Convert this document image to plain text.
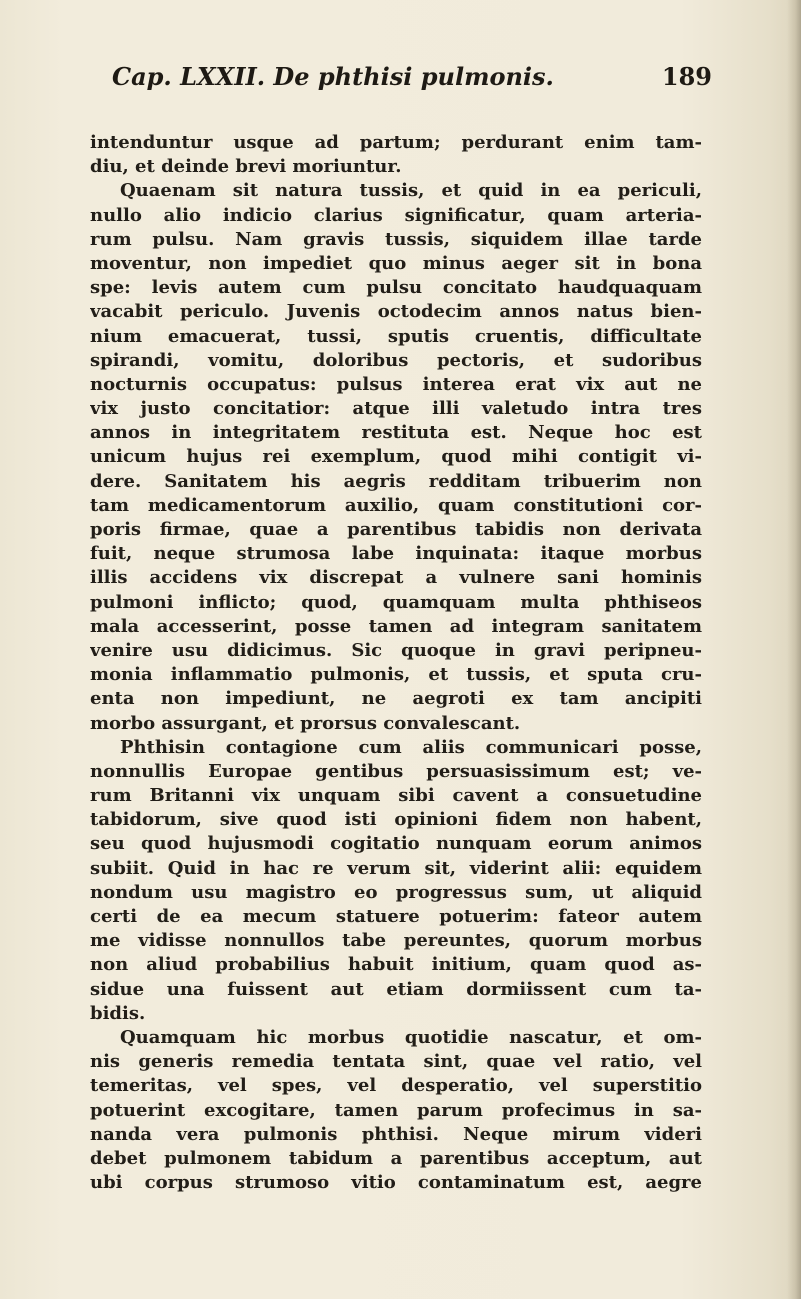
Cap. LXXII. De phthisi pulmonis.	189
intenduntur usque ad partum; perdurant enim tam-
diu, et deinde brevi moriuntur.
Quaenam sit natura tussis, et quid in ea periculi,
nullo alio indicio clarius significatur, quam arteria-
rum pulsu. Nam gravis tussis, siquidem illae tarde
moventur, non impediet quo minus aeger sit in bona
spe: levis autem cum pulsu concitato haudquaquam
vacabit periculo. Juvenis octodecim annos natus bien-
nium emacuerat, tussi, sputis cruentis, difficultate
spirandi, vomitu, doloribus pectoris, et sudoribus
nocturnis occupatus: pulsus interea erat vix aut ne
vix justo concitatior: atque illi valetudo intra tres
annos in integritatem restituta est. Neque hoc est
unicum hujus rei exemplum, quod mihi contigit vi-
dere. Sanitatem his aegris redditam tribuerim non
tam medicamentorum auxilio, quam constitutioni cor-
poris firmae, quae a parentibus tabidis non derivata
fuit, neque strumosa labe inquinata: itaque morbus
illis accidens vix discrepat a vulnere sani hominis
pulmoni inflicto; quod, quamquam multa phthiseos
mala accesserint, posse tamen ad integram sanitatem
venire usu didicimus. Sic quoque in gravi peripneu-
monia inflammatio pulmonis, et tussis, et sputa cru-
enta non impediunt, ne aegroti ex tam ancipiti
morbo assurgant, et prorsus convalescant.
Phthisin contagione cum aliis communicari posse,
nonnullis Europae gentibus persuasissimum est; ve-
rum Britanni vix unquam sibi cavent a consuetudine
tabidorum, sive quod isti opinioni fidem non habent,
seu quod hujusmodi cogitatio nunquam eorum animos
subiit. Quid in hac re verum sit, viderint alii: equidem
nondum usu magistro eo progressus sum, ut aliquid
certi de ea mecum statuere potuerim: fateor autem
me vidisse nonnullos tabe pereuntes, quorum morbus
non aliud probabilius habuit initium, quam quod as-
sidue una fuissent aut etiam dormiissent cum ta-
bidis.
Quamquam hic morbus quotidie nascatur, et om-
nis generis remedia tentata sint, quae vel ratio, vel
temeritas, vel spes, vel desperatio, vel superstitio
potuerint excogitare, tamen parum profecimus in sa-
nanda vera pulmonis phthisi. Neque mirum videri
debet pulmonem tabidum a parentibus acceptum, aut
ubi corpus strumoso vitio contaminatum est, aegre
